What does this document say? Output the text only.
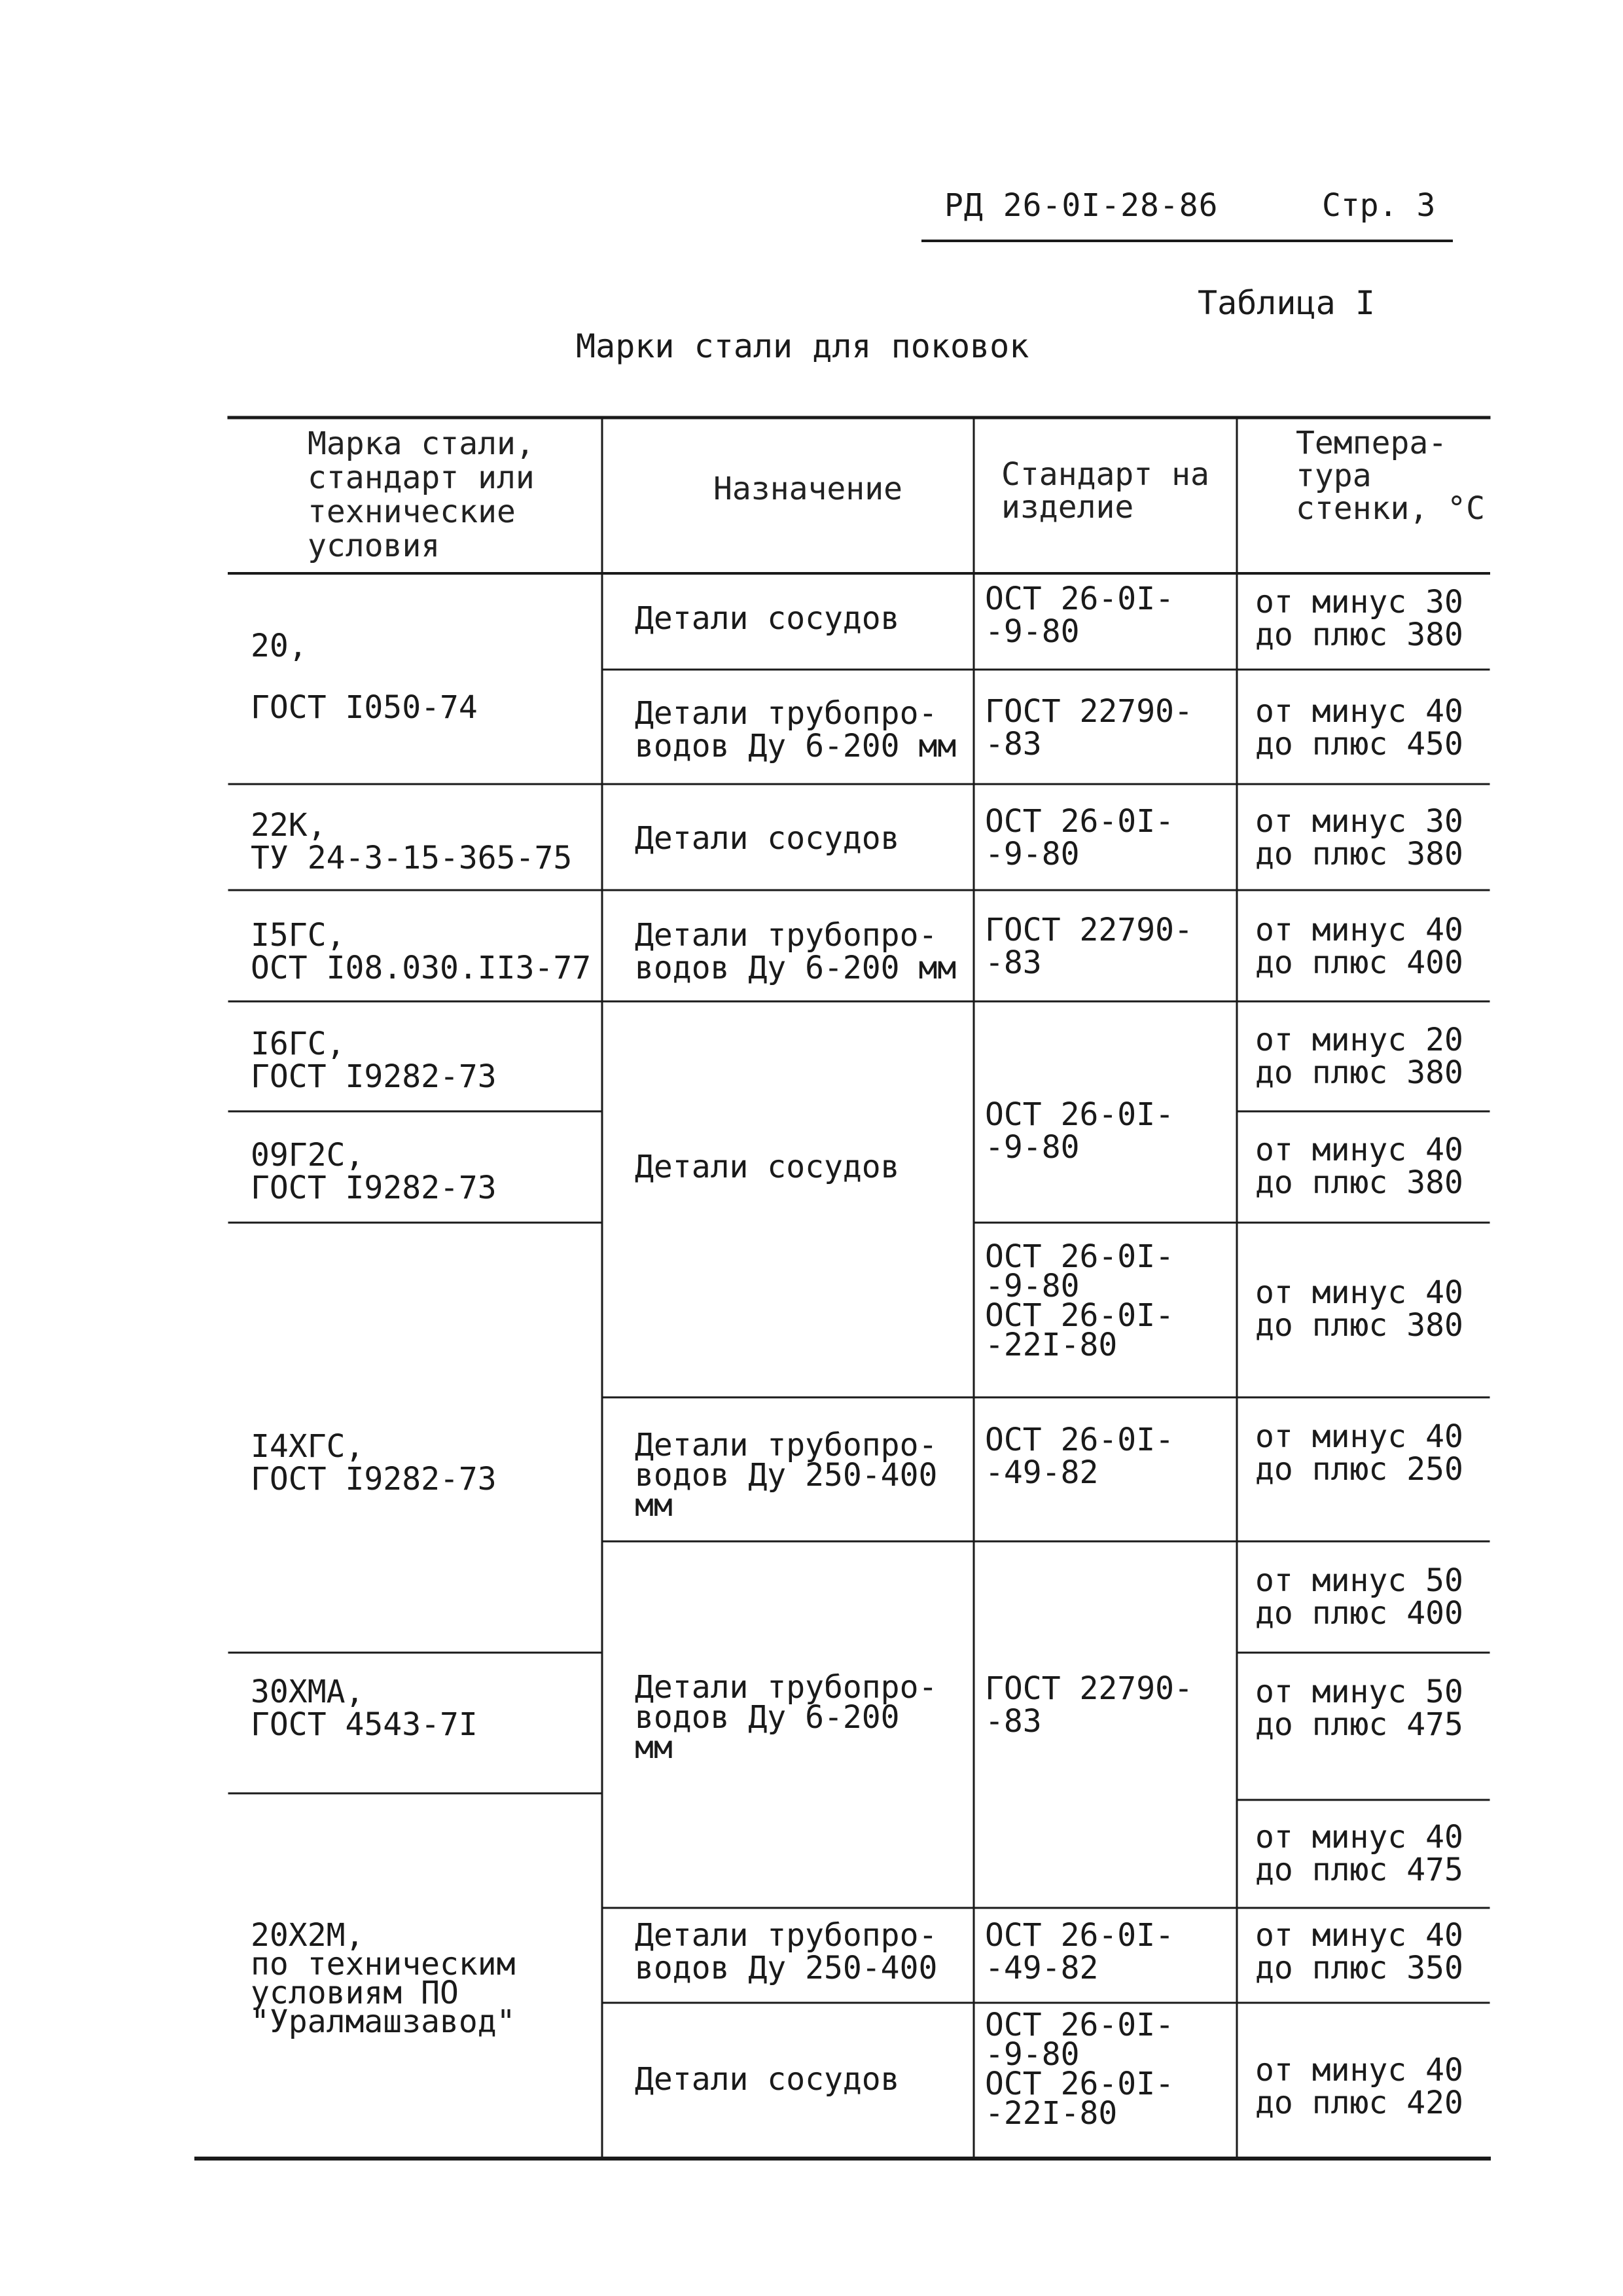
РД 26-0I-28-86	Стр. 3
Таблица I
Марки стали для поковок
Марка стали,
стандарт или
технические
условия
Назначение	Стандарт на
изделие
Темпера-
тура
стенки, °С
20,
ГОСТ I050-74
22К,
ТУ 24-3-15-365-75
I5ГС,
ОСТ I08.030.II3-77
I6ГС,
ГОСТ I9282-73
09Г2С,
ГОСТ I9282-73
I4ХГС,
ГОСТ I9282-73
30ХМА,
ГОСТ 4543-7I
20Х2М,
по техническим
условиям ПО
"Уралмашзавод"
Детали сосудов
Детали трубопро-
водов Ду 6-200 мм
Детали сосудов
Детали трубопро-
водов Ду 6-200 мм
Детали сосудов
Детали трубопро-
водов Ду 250-400
мм
Детали трубопро-
водов Ду 6-200
мм
Детали трубопро-
водов Ду 250-400
Детали сосудов
ОСТ 26-0I-
-9-80
ГОСТ 22790-
-83
ОСТ 26-0I-
-9-80
ГОСТ 22790-
-83
ОСТ 26-0I-
-9-80
ОСТ 26-0I-
-9-80
ОСТ 26-0I-
-22I-80
ОСТ 26-0I-
-49-82
ГОСТ 22790-
-83
ОСТ 26-0I-
-49-82
ОСТ 26-0I-
-9-80
ОСТ 26-0I-
-22I-80
от минус 30
до плюс 380
от минус 40
до плюс 450
от минус 30
до плюс 380
от минус 40
до плюс 400
от минус 20
до плюс 380
от минус 40
до плюс 380
от минус 40
до плюс 380
от минус 40
до плюс 250
от минус 50
до плюс 400
от минус 50
до плюс 475
от минус 40
до плюс 475
от минус 40
до плюс 350
от минус 40
до плюс 420
